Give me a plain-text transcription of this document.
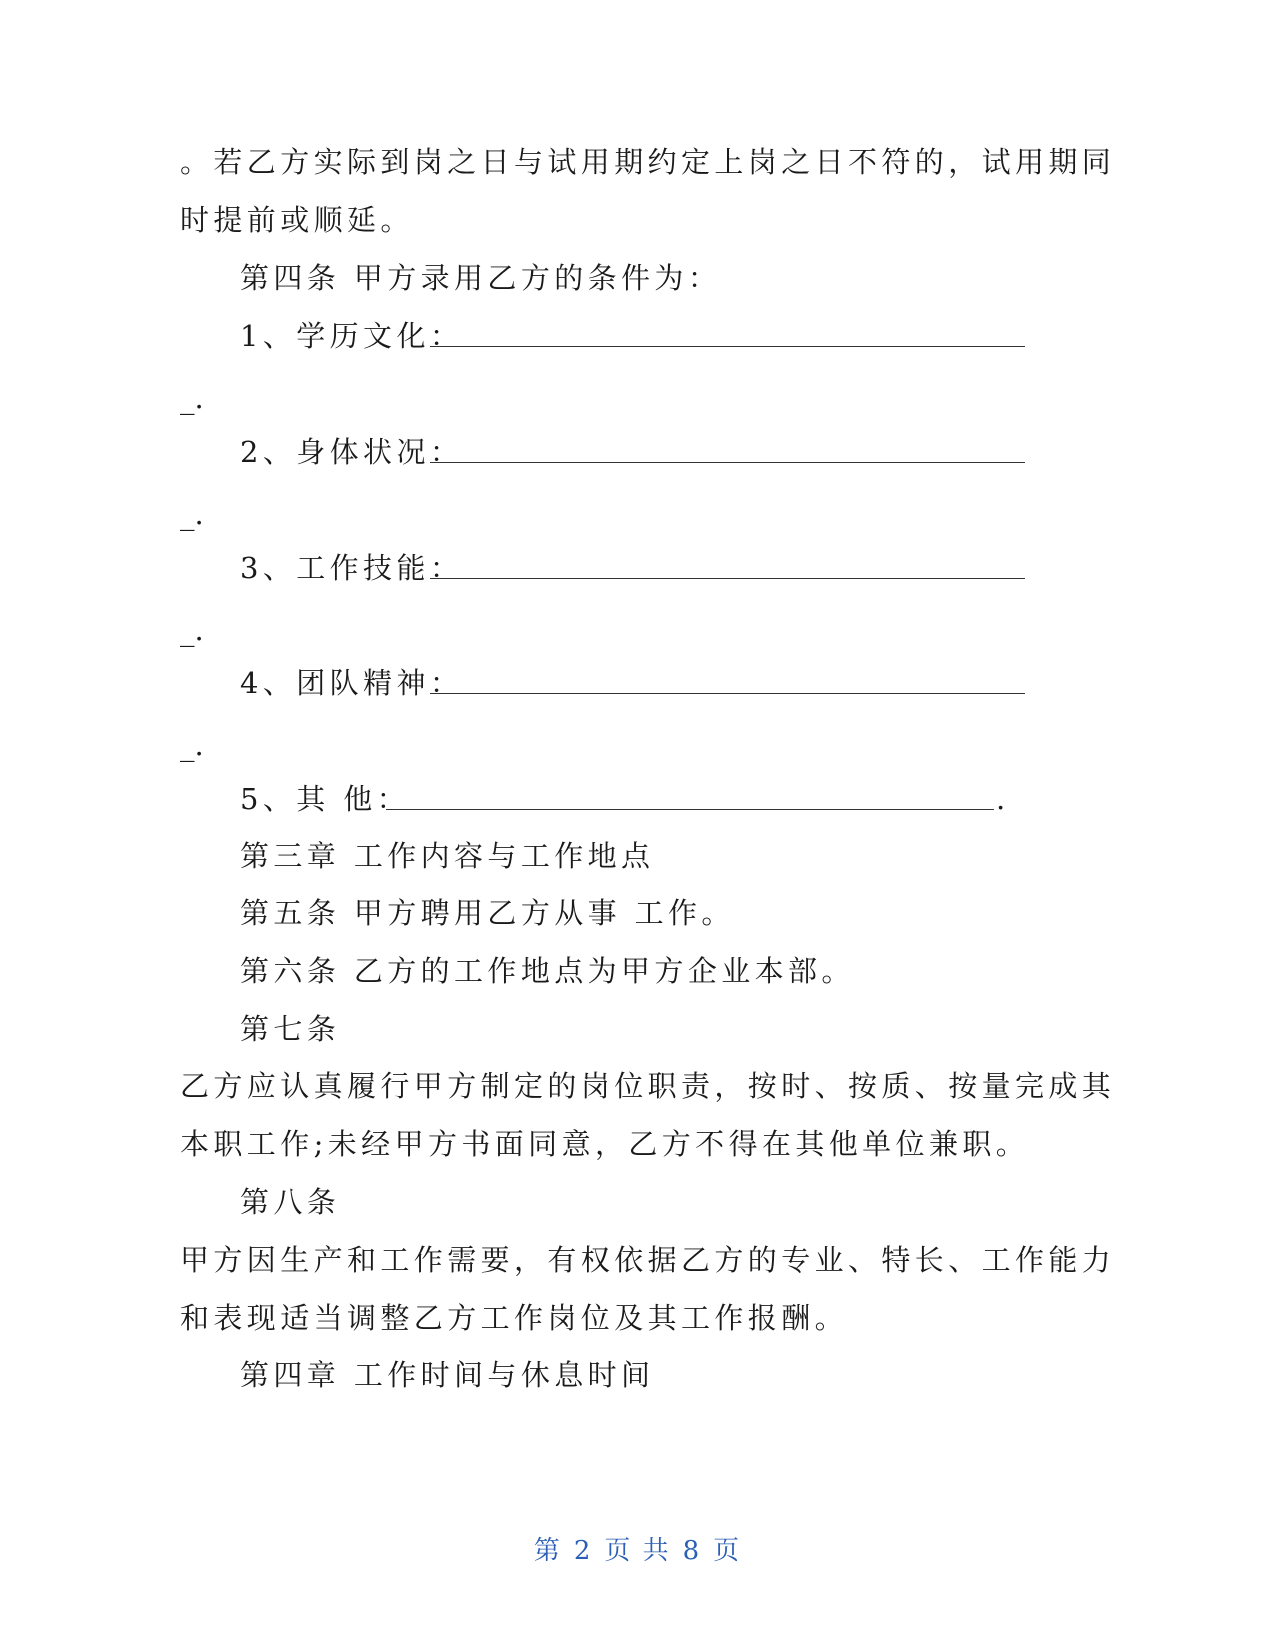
。若乙方实际到岗之日与试用期约定上岗之日不符的，试用期同
时提前或顺延。
第四条 甲方录用乙方的条件为：
1、学历文化：
_.
2、身体状况：
_.
3、工作技能：
_.
4、团队精神：
_.
5、其 他：	.
第三章 工作内容与工作地点
第五条 甲方聘用乙方从事 工作。
第六条 乙方的工作地点为甲方企业本部。
第七条
乙方应认真履行甲方制定的岗位职责，按时、按质、按量完成其
本职工作;未经甲方书面同意，乙方不得在其他单位兼职。
第八条
甲方因生产和工作需要，有权依据乙方的专业、特长、工作能力
和表现适当调整乙方工作岗位及其工作报酬。
第四章 工作时间与休息时间
第 2 页 共 8 页
